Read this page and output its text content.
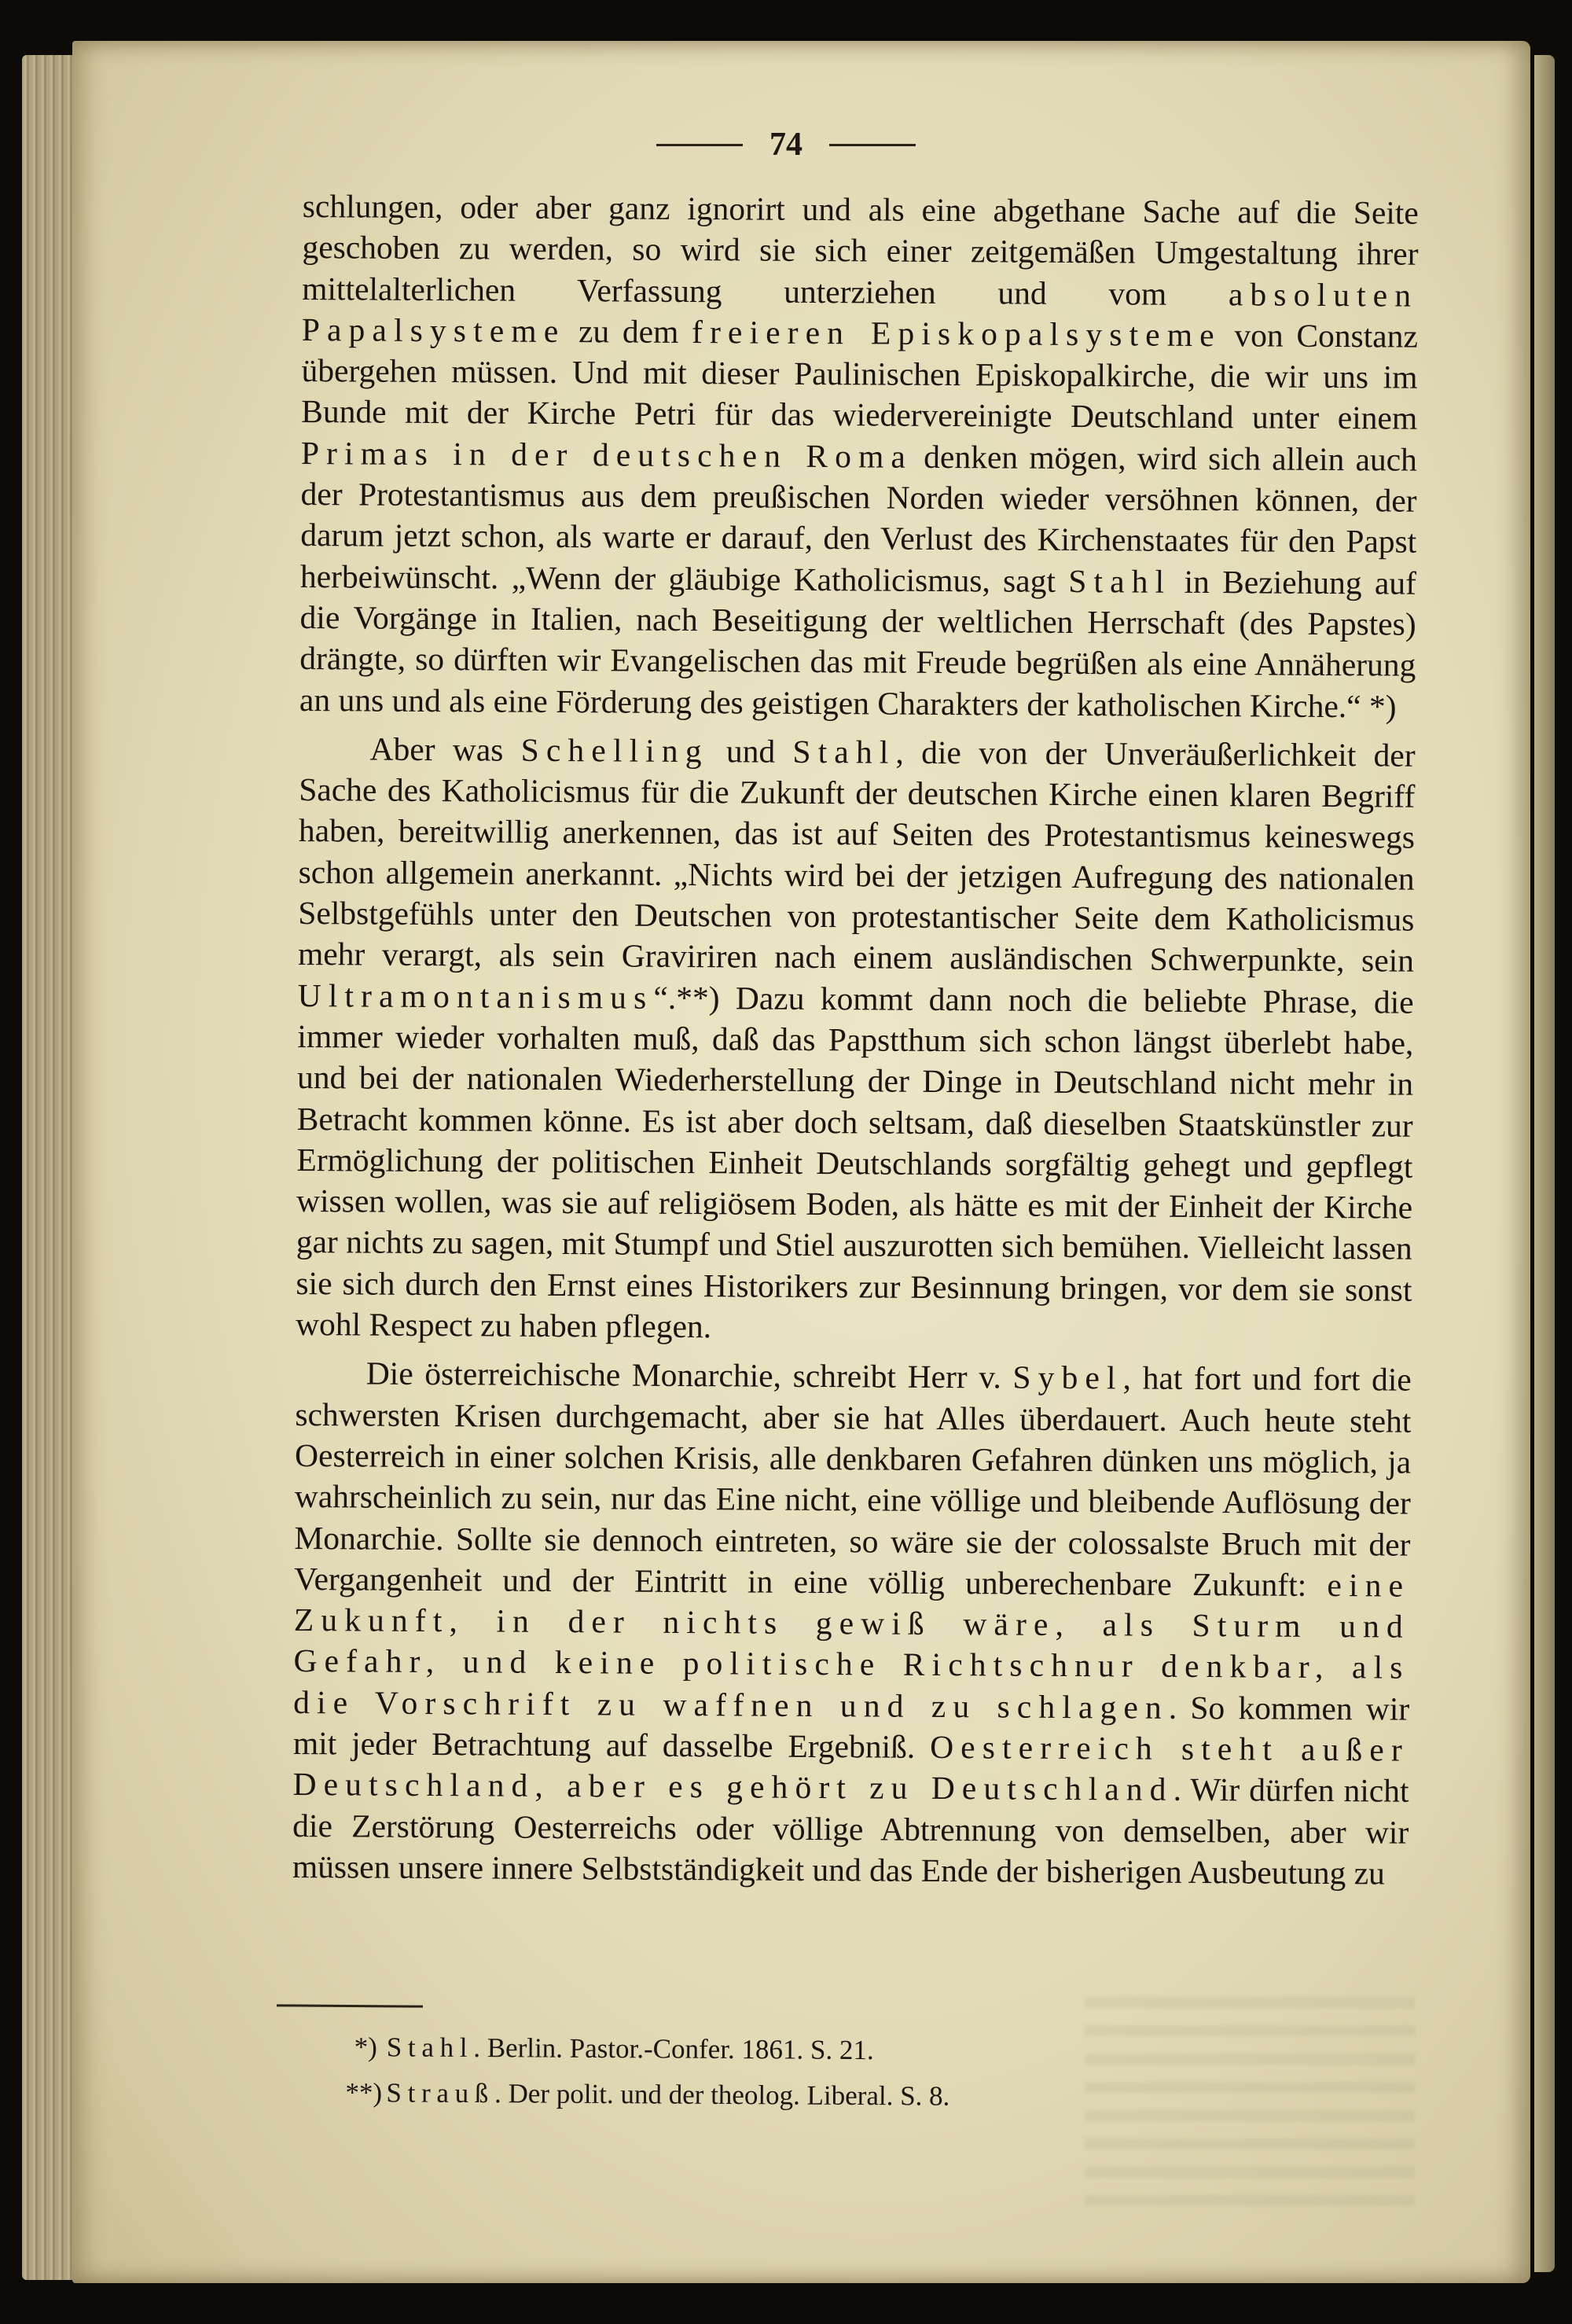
74

schlungen, oder aber ganz ignorirt und als eine abgethane Sache auf die Seite geschoben zu werden, so wird sie sich einer zeitgemäßen Umgestaltung ihrer mittelalterlichen Verfassung unterziehen und vom absoluten Papalsysteme zu dem freieren Episkopalsysteme von Constanz übergehen müssen. Und mit dieser Paulinischen Episkopalkirche, die wir uns im Bunde mit der Kirche Petri für das wiedervereinigte Deutschland unter einem Primas in der deutschen Roma denken mögen, wird sich allein auch der Protestantismus aus dem preußischen Norden wieder versöhnen können, der darum jetzt schon, als warte er darauf, den Verlust des Kirchenstaates für den Papst herbeiwünscht. „Wenn der gläubige Katholicismus, sagt Stahl in Beziehung auf die Vorgänge in Italien, nach Beseitigung der weltlichen Herrschaft (des Papstes) drängte, so dürften wir Evangelischen das mit Freude begrüßen als eine Annäherung an uns und als eine Förderung des geistigen Charakters der katholischen Kirche.“ *)

Aber was Schelling und Stahl, die von der Unveräußerlichkeit der Sache des Katholicismus für die Zukunft der deutschen Kirche einen klaren Begriff haben, bereitwillig anerkennen, das ist auf Seiten des Protestantismus keineswegs schon allgemein anerkannt. „Nichts wird bei der jetzigen Aufregung des nationalen Selbstgefühls unter den Deutschen von protestantischer Seite dem Katholicismus mehr verargt, als sein Graviriren nach einem ausländischen Schwerpunkte, sein Ultramontanismus“.**) Dazu kommt dann noch die beliebte Phrase, die immer wieder vorhalten muß, daß das Papstthum sich schon längst überlebt habe, und bei der nationalen Wiederherstellung der Dinge in Deutschland nicht mehr in Betracht kommen könne. Es ist aber doch seltsam, daß dieselben Staatskünstler zur Ermöglichung der politischen Einheit Deutschlands sorgfältig gehegt und gepflegt wissen wollen, was sie auf religiösem Boden, als hätte es mit der Einheit der Kirche gar nichts zu sagen, mit Stumpf und Stiel auszurotten sich bemühen. Vielleicht lassen sie sich durch den Ernst eines Historikers zur Besinnung bringen, vor dem sie sonst wohl Respect zu haben pflegen.

Die österreichische Monarchie, schreibt Herr v. Sybel, hat fort und fort die schwersten Krisen durchgemacht, aber sie hat Alles überdauert. Auch heute steht Oesterreich in einer solchen Krisis, alle denkbaren Gefahren dünken uns möglich, ja wahrscheinlich zu sein, nur das Eine nicht, eine völlige und bleibende Auflösung der Monarchie. Sollte sie dennoch eintreten, so wäre sie der colossalste Bruch mit der Vergangenheit und der Eintritt in eine völlig unberechenbare Zukunft: eine Zukunft, in der nichts gewiß wäre, als Sturm und Gefahr, und keine politische Richtschnur denkbar, als die Vorschrift zu waffnen und zu schlagen. So kommen wir mit jeder Betrachtung auf dasselbe Ergebniß. Oesterreich steht außer Deutschland, aber es gehört zu Deutschland. Wir dürfen nicht die Zerstörung Oesterreichs oder völlige Abtrennung von demselben, aber wir müssen unsere innere Selbstständigkeit und das Ende der bisherigen Ausbeutung zu

*) Stahl. Berlin. Pastor.-Confer. 1861. S. 21.
**) Strauß. Der polit. und der theolog. Liberal. S. 8.
